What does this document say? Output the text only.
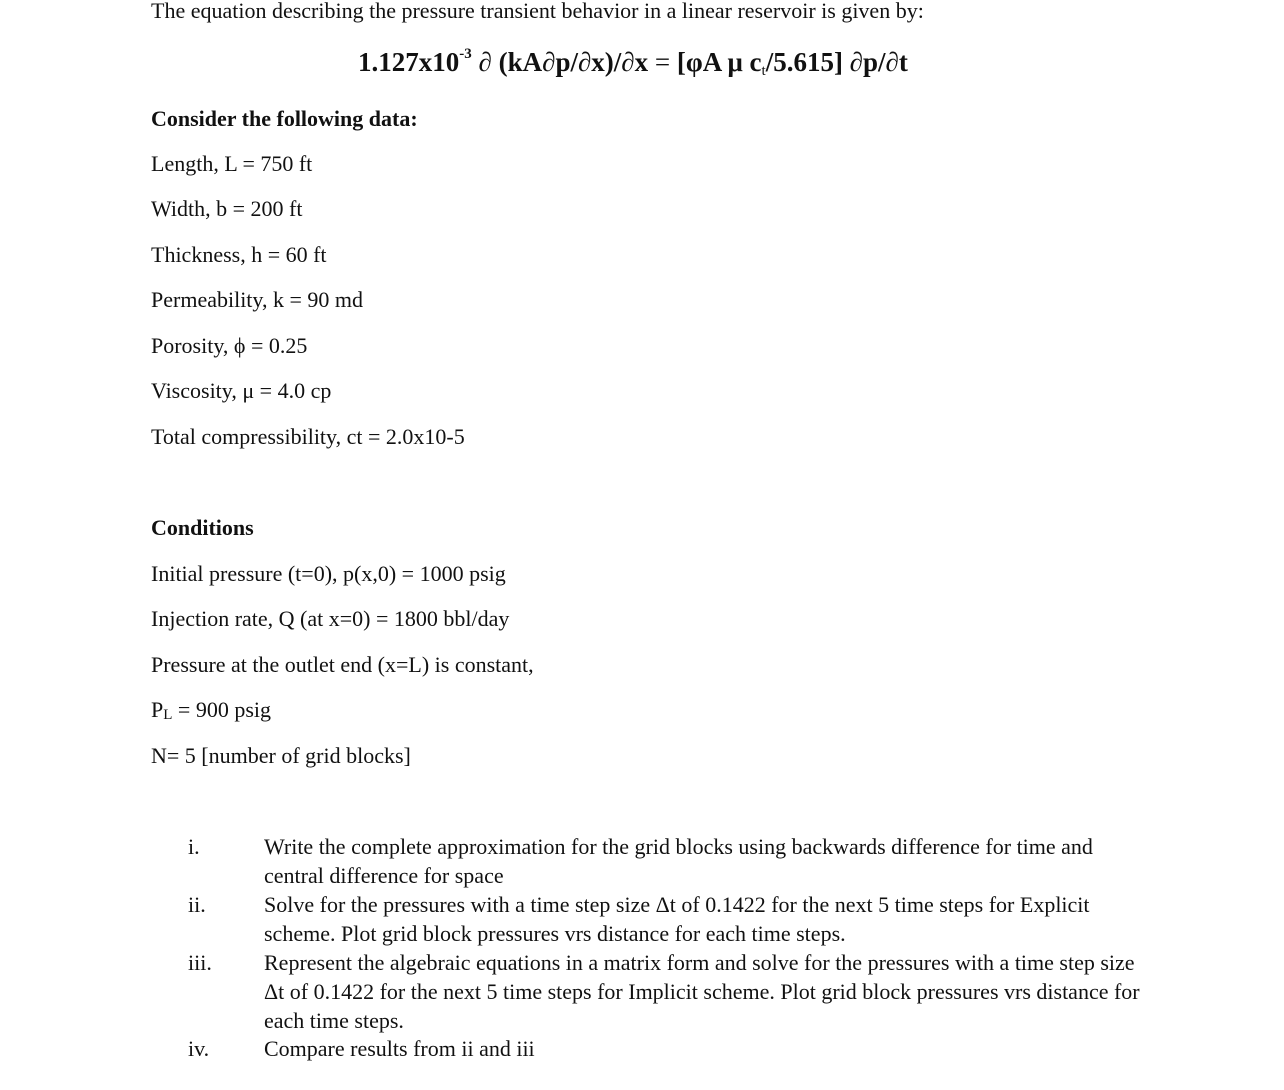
The equation describing the pressure transient behavior in a linear reservoir is given by:
$1.127x10^{-3}$ ∂ (kA∂p/∂x)/∂x = [φA μ $c_t/5.615$] ∂p/∂t
Consider the following data:
Length, L = 750 ft
Width, b = 200 ft
Thickness, h = 60 ft
Permeability, k = 90 md
Porosity, ϕ = 0.25
Viscosity, μ = 4.0 cp
Total compressibility, ct = 2.0x10-5
Conditions
Initial pressure (t=0), p(x,0) = 1000 psig
Injection rate, Q (at x=0) = 1800 bbl/day
Pressure at the outlet end (x=L) is constant,
$P_L = 900$ psig
N= 5 [number of grid blocks]
i.	Write the complete approximation for the grid blocks using backwards difference for time and central difference for space
ii.	Solve for the pressures with a time step size Δt of 0.1422 for the next 5 time steps for Explicit scheme. Plot grid block pressures vrs distance for each time steps.
iii. Represent the algebraic equations in a matrix form and solve for the pressures with a time step size Δt of 0.1422 for the next 5 time steps for Implicit scheme. Plot grid block pressures vrs distance for each time steps.
iv. Compare results from ii and iii
